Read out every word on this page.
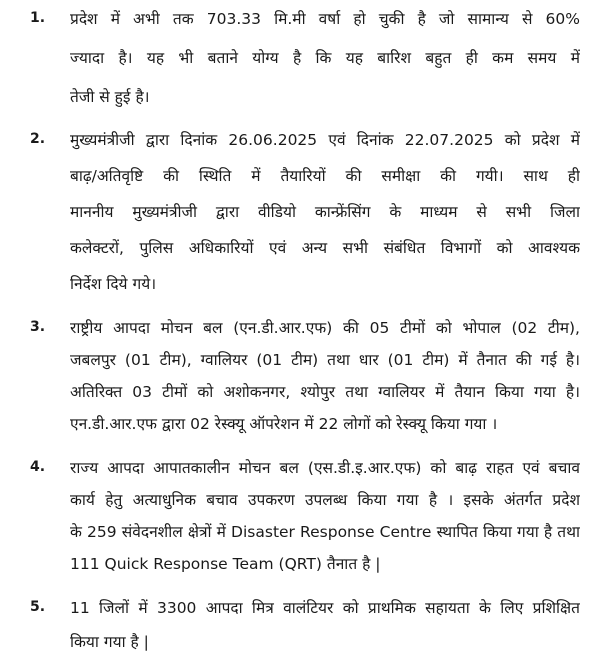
1. प्रदेश में अभी तक 703.33 मि.मी वर्षा हो चुकी है जो सामान्य से 60%
ज्यादा है। यह भी बताने योग्य है कि यह बारिश बहुत ही कम समय में
तेजी से हुई है।
2. मुख्यमंत्रीजी द्वारा दिनांक 26.06.2025 एवं दिनांक 22.07.2025 को प्रदेश में
बाढ़/अतिवृष्टि की स्थिति में तैयारियों की समीक्षा की गयी। साथ ही
माननीय मुख्यमंत्रीजी द्वारा वीडियो कान्फ्रेंसिंग के माध्यम से सभी जिला
कलेक्टरों, पुलिस अधिकारियों एवं अन्य सभी संबंधित विभागों को आवश्यक
निर्देश दिये गये।
3. राष्ट्रीय आपदा मोचन बल (एन.डी.आर.एफ) की 05 टीमों को भोपाल (02 टीम),
जबलपुर (01 टीम), ग्वालियर (01 टीम) तथा धार (01 टीम) में तैनात की गई है।
अतिरिक्त 03 टीमों को अशोकनगर, श्योपुर तथा ग्वालियर में तैयान किया गया है।
एन.डी.आर.एफ द्वारा 02 रेस्क्यू ऑपरेशन में 22 लोगों को रेस्क्यू किया गया ।
4. राज्य आपदा आपातकालीन मोचन बल (एस.डी.इ.आर.एफ) को बाढ़ राहत एवं बचाव
कार्य हेतु अत्याधुनिक बचाव उपकरण उपलब्ध किया गया है । इसके अंतर्गत प्रदेश
के 259 संवेदनशील क्षेत्रों में Disaster Response Centre स्थापित किया गया है तथा
111 Quick Response Team (QRT) तैनात है |
5. 11 जिलों में 3300 आपदा मित्र वालंटियर को प्राथमिक सहायता के लिए प्रशिक्षित
किया गया है |
